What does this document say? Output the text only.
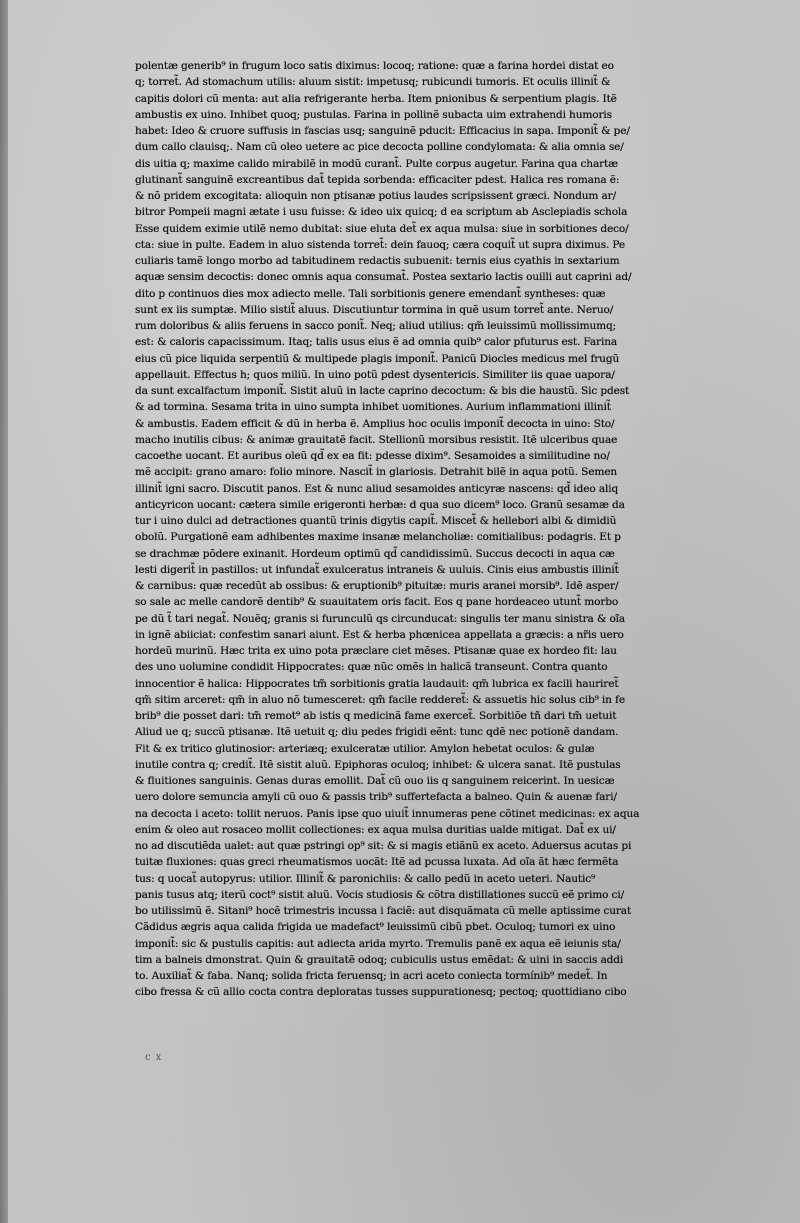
polentæ generib⁹ in frugum loco satis diximus: locoq; ratione: quæ a farina hordei distat eo
q; torret̃. Ad stomachum utilis: aluum sistit: impetusq; rubicundi tumoris. Et oculis illinit̃ &
capitis dolori cũ menta: aut alia refrigerante herba. Item pnionibus & serpentium plagis. Itẽ
ambustis ex uino. Inhibet quoq; pustulas. Farina in pollinẽ subacta uim extrahendi humoris
habet: Ideo & cruore suffusis in fascias usq; sanguinẽ pducit: Efficacius in sapa. Imponit̃ & pe/
dum callo clauisq;. Nam cũ oleo uetere ac pice decocta polline condylomata: & alia omnia se/
dis uitia q; maxime calido mirabilẽ in modũ curant̃. Pulte corpus augetur. Farina qua chartæ
glutinant̃ sanguinẽ excreantibus dat̃ tepida sorbenda: efficaciter pdest. Halica res romana ẽ:
& nõ pridem excogitata: alioquin non ptisanæ potius laudes scripsissent græci. Nondum ar/
bitror Pompeii magni ætate i usu fuisse: & ideo uix quicq; d ea scriptum ab Asclepiadis schola
Esse quidem eximie utilẽ nemo dubitat: siue eluta det̃ ex aqua mulsa: siue in sorbitiones deco/
cta: siue in pulte. Eadem in aluo sistenda torret̃: dein fauoq; cæra coquit̃ ut supra diximus. Pe
culiaris tamẽ longo morbo ad tabitudinem redactis subuenit: ternis eius cyathis in sextarium
aquæ sensim decoctis: donec omnis aqua consumat̃. Postea sextario lactis ouilli aut caprini ad/
dito p continuos dies mox adiecto melle. Tali sorbitionis genere emendant̃ syntheses: quæ
sunt ex iis sumptæ. Milio sistit̃ aluus. Discutiuntur tormina in quẽ usum torret̃ ante. Neruo/
rum doloribus & aliis feruens in sacco ponit̃. Neq; aliud utilius: qm̃ leuissimũ mollissimumq;
est: & caloris capacissimum. Itaq; talis usus eius ẽ ad omnia quib⁹ calor pfuturus est. Farina
eius cũ pice liquida serpentiũ & multipede plagis imponit̃. Panicũ Diocles medicus mel frugũ
appellauit. Effectus h; quos miliũ. In uino potũ pdest dysentericis. Similiter iis quae uapora/
da sunt excalfactum imponit̃. Sistit aluũ in lacte caprino decoctum: & bis die haustũ. Sic pdest
& ad tormina. Sesama trita in uino sumpta inhibet uomitiones. Aurium inflammationi illinit̃
& ambustis. Eadem efficit & dũ in herba ẽ. Amplius hoc oculis imponit̃ decocta in uino: Sto/
macho inutilis cibus: & animæ grauitatẽ facit. Stellionũ morsibus resistit. Itẽ ulceribus quae
cacoethe uocant. Et auribus oleũ qd̃ ex ea fit: pdesse dixim⁹. Sesamoides a similitudine no/
mẽ accipit: grano amaro: folio minore. Nascit̃ in glariosis. Detrahit bilẽ in aqua potũ. Semen
illinit̃ igni sacro. Discutit panos. Est & nunc aliud sesamoides anticyræ nascens: qd̃ ideo aliq
anticyricon uocant: cætera simile erigeronti herbæ: d qua suo dicem⁹ loco. Granũ sesamæ da
tur i uino dulci ad detractiones quantũ trinis digytis capit̃. Miscet̃ & hellebori albi & dimidiũ
obolũ. Purgationẽ eam adhibentes maxime insanæ melancholiæ: comitialibus: podagris. Et p
se drachmæ põdere exinanit. Hordeum optimũ qd̃ candidissimũ. Succus decocti in aqua cæ
lesti digerit̃ in pastillos: ut infundat̃ exulceratus intraneis & uuluis. Cinis eius ambustis illinit̃
& carnibus: quæ recedũt ab ossibus: & eruptionib⁹ pituitæ: muris aranei morsib⁹. Idẽ asper/
so sale ac melle candorẽ dentib⁹ & suauitatem oris facit. Eos q pane hordeaceo utunt̃ morbo
pe dũ t̃ tari negat̃. Nouẽq; granis si furunculũ qs circunducat: singulis ter manu sinistra & oĩa
in ignẽ abiiciat: confestim sanari aiunt. Est & herba phœnicea appellata a græcis: a nr̃is uero
hordeũ murinũ. Hæc trita ex uino pota præclare ciet mẽses. Ptisanæ quae ex hordeo fit: lau
des uno uolumine condidit Hippocrates: quæ nũc omẽs in halicã transeunt. Contra quanto
innocentior ẽ halica: Hippocrates tm̃ sorbitionis gratia laudauit: qm̃ lubrica ex facili hauriret̃
qm̃ sitim arceret: qm̃ in aluo nõ tumesceret: qm̃ facile redderet̃: & assuetis hic solus cib⁹ in fe
brib⁹ die posset dari: tm̃ remot⁹ ab istis q medicinã fame exercet̃. Sorbitiõe tñ dari tm̃ uetuit
Aliud ue q; succũ ptisanæ. Itẽ uetuit q; diu pedes frigidi eẽnt: tunc qdẽ nec potionẽ dandam.
Fit & ex tritico glutinosior: arteriæq; exulceratæ utilior. Amylon hebetat oculos: & gulæ
inutile contra q; credit̃. Itẽ sistit aluũ. Epiphoras oculoq; inhibet: & ulcera sanat. Itẽ pustulas
& fluitiones sanguinis. Genas duras emollit. Dat̃ cũ ouo iis q sanguinem reicerint. In uesicæ
uero dolore semuncia amyli cũ ouo & passis trib⁹ suffertefacta a balneo. Quin & auenæ fari/
na decocta i aceto: tollit neruos. Panis ipse quo uiuit̃ innumeras pene cõtinet medicinas: ex aqua
enim & oleo aut rosaceo mollit collectiones: ex aqua mulsa duritias ualde mitigat. Dat̃ ex ui/
no ad discutiẽda ualet: aut quæ pstringi op⁹ sit: & si magis etiãnũ ex aceto. Aduersus acutas pi
tuitæ fluxiones: quas greci rheumatismos uocãt: Itẽ ad pcussa luxata. Ad oĩa ãt hæc fermẽta
tus: q uocat̃ autopyrus: utilior. Illinit̃ & paronichiis: & callo pedũ in aceto ueteri. Nautic⁹
panis tusus atq; iterũ coct⁹ sistit aluũ. Vocis studiosis & cõtra distillationes succũ eẽ primo ci/
bo utilissimũ ẽ. Sitani⁹ hocẽ trimestris incussa i faciẽ: aut disquãmata cũ melle aptissime curat
Cãdidus ægris aqua calida frigida ue madefact⁹ leuissimũ cibũ pbet. Oculoq; tumori ex uino
imponit̃: sic & pustulis capitis: aut adiecta arida myrto. Tremulis panẽ ex aqua eẽ ieiunis sta/
tim a balneis dmonstrat. Quin & grauitatẽ odoq; cubiculis ustus emẽdat: & uini in saccis addi
to. Auxiliat̃ & faba. Nanq; solida fricta feruensq; in acri aceto coniecta tormínib⁹ medet̃. In
cibo fressa & cũ allio cocta contra deploratas tusses suppurationesq; pectoq; quottidiano cibo
c x
